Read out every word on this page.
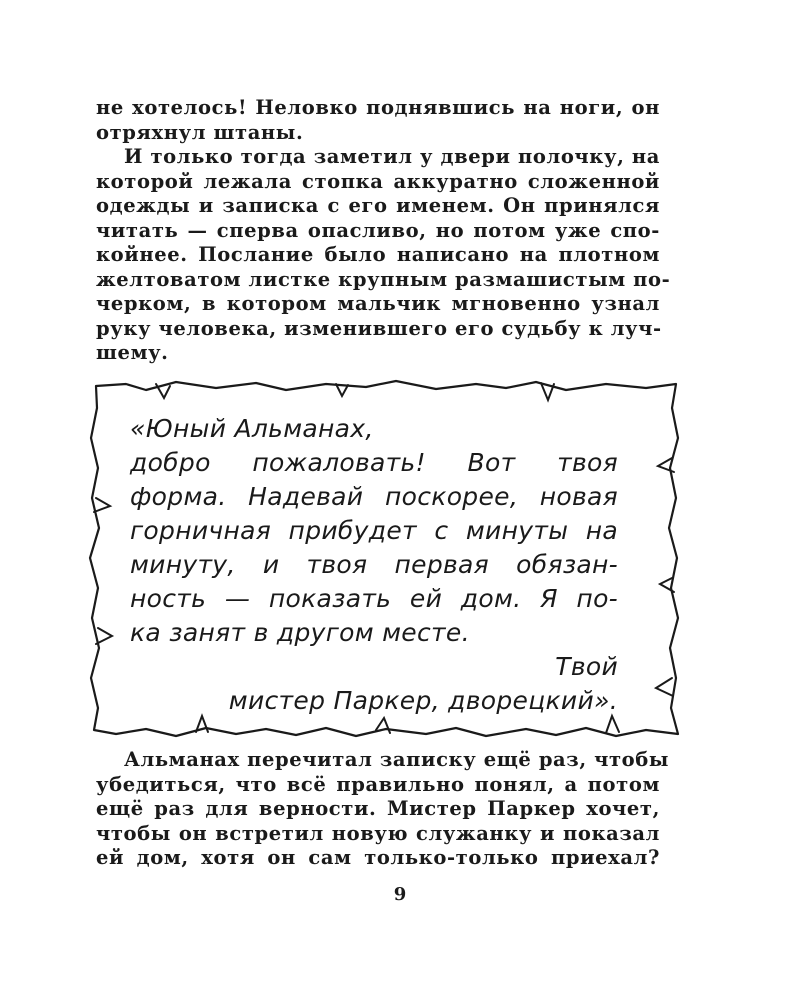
не хотелось! Неловко поднявшись на ноги, он
отряхнул штаны.
И только тогда заметил у двери полочку, на
которой лежала стопка аккуратно сложенной
одежды и записка с его именем. Он принялся
читать — сперва опасливо, но потом уже спо-
койнее. Послание было написано на плотном
желтоватом листке крупным размашистым по-
черком, в котором мальчик мгновенно узнал
руку человека, изменившего его судьбу к луч-
шему.
«Юный Альманах,
добро пожаловать! Вот твоя
форма. Надевай поскорее, новая
горничная прибудет с минуты на
минуту, и твоя первая обязан-
ность — показать ей дом. Я по-
ка занят в другом месте.
Твой
мистер Паркер, дворецкий».
Альманах перечитал записку ещё раз, чтобы
убедиться, что всё правильно понял, а потом
ещё раз для верности. Мистер Паркер хочет,
чтобы он встретил новую служанку и показал
ей дом, хотя он сам только-только приехал?
9
